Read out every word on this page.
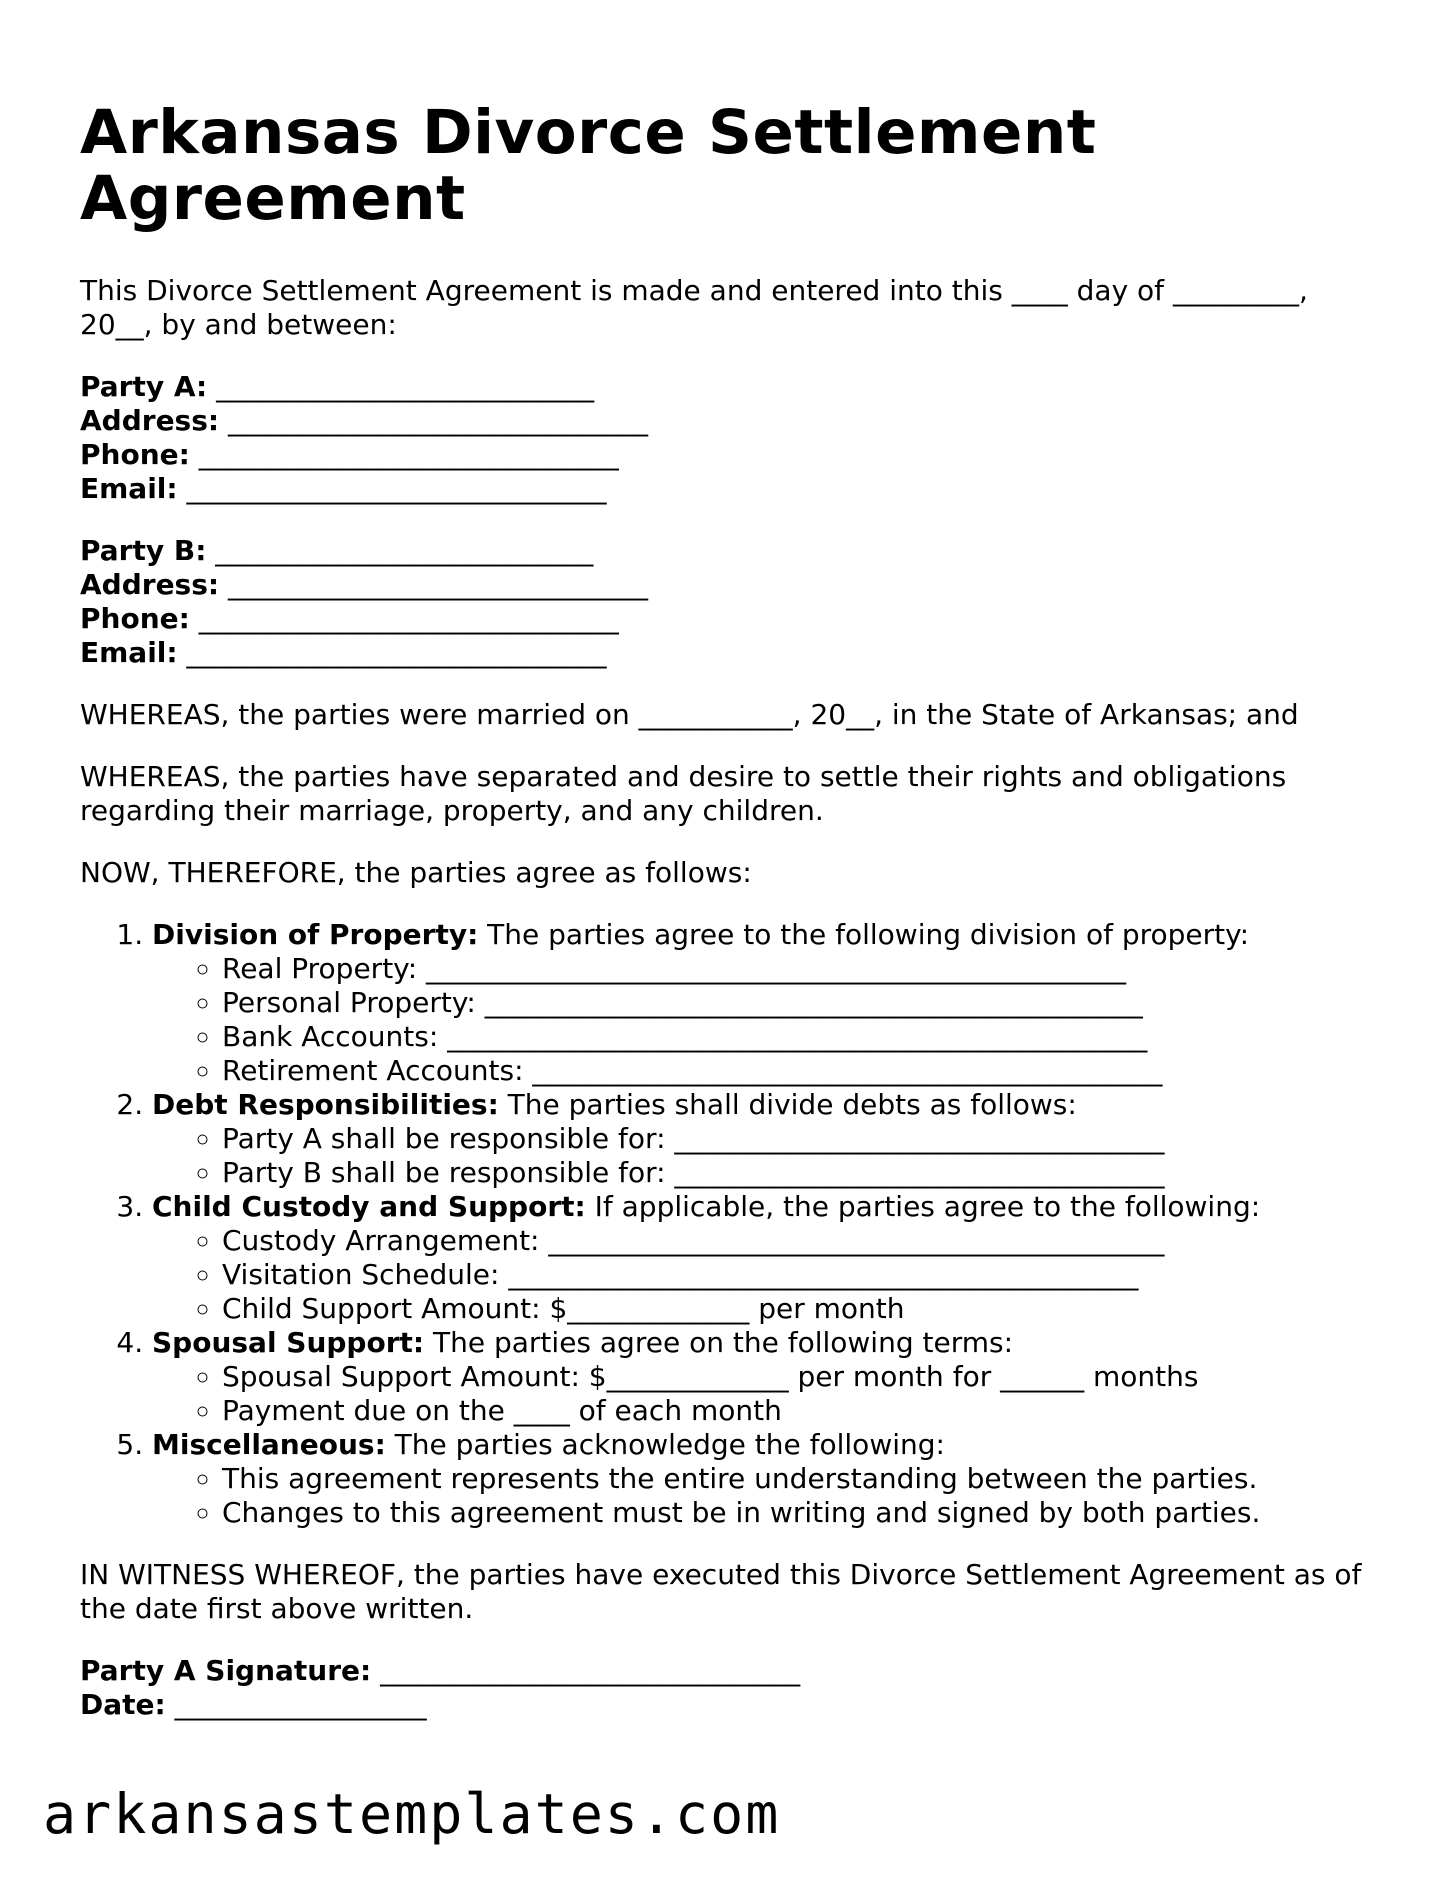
Arkansas Divorce Settlement Agreement

This Divorce Settlement Agreement is made and entered into this ____ day of _________, 20__, by and between:

Party A: ___________________________
Address: ______________________________
Phone: ______________________________
Email: ______________________________
Party B: ___________________________
Address: ______________________________
Phone: ______________________________
Email: ______________________________

WHEREAS, the parties were married on ___________, 20__, in the State of Arkansas; and

WHEREAS, the parties have separated and desire to settle their rights and obligations regarding their marriage, property, and any children.

NOW, THEREFORE, the parties agree as follows:

1. Division of Property: The parties agree to the following division of property:
◦ Real Property: __________________________________________________
◦ Personal Property: _______________________________________________
◦ Bank Accounts: __________________________________________________
◦ Retirement Accounts: _____________________________________________
2. Debt Responsibilities: The parties shall divide debts as follows:
◦ Party A shall be responsible for: ___________________________________
◦ Party B shall be responsible for: ___________________________________
3. Child Custody and Support: If applicable, the parties agree to the following:
◦ Custody Arrangement: ____________________________________________
◦ Visitation Schedule: _____________________________________________
◦ Child Support Amount: $_____________ per month
4. Spousal Support: The parties agree on the following terms:
◦ Spousal Support Amount: $_____________ per month for ______ months
◦ Payment due on the ____ of each month
5. Miscellaneous: The parties acknowledge the following:
◦ This agreement represents the entire understanding between the parties.
◦ Changes to this agreement must be in writing and signed by both parties.

IN WITNESS WHEREOF, the parties have executed this Divorce Settlement Agreement as of the date first above written.

Party A Signature: ______________________________
Date: __________________
arkansastemplates.com
